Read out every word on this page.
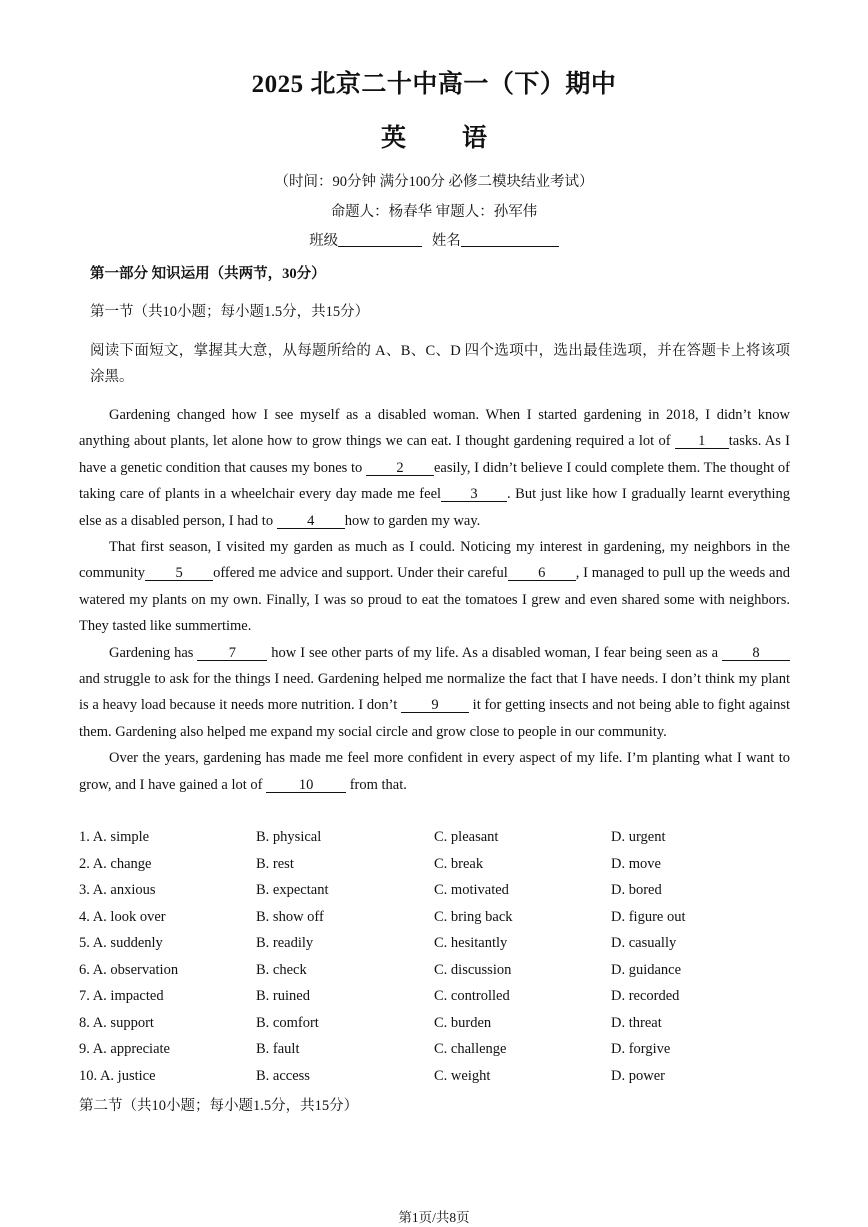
2025 北京二十中高一（下）期中
英 语
（时间：90分钟 满分100分 必修二模块结业考试）
命题人：杨春华 审题人：孙军伟
班级	姓名
第一部分 知识运用（共两节，30分）
第一节（共10小题；每小题1.5分，共15分）
阅读下面短文，掌握其大意，从每题所给的 A、B、C、D 四个选项中，选出最佳选项，并在答题卡上将该项涂黑。

Gardening changed how I see myself as a disabled woman. When I started gardening in 2018, I didn’t know anything about plants, let alone how to grow things we can eat. I thought gardening required a lot of 1 tasks. As I have a genetic condition that causes my bones to 2 easily, I didn’t believe I could complete them. The thought of taking care of plants in a wheelchair every day made me feel 3 . But just like how I gradually learnt everything else as a disabled person, I had to 4 how to garden my way.

That first season, I visited my garden as much as I could. Noticing my interest in gardening, my neighbors in the community 5 offered me advice and support. Under their careful 6 , I managed to pull up the weeds and watered my plants on my own. Finally, I was so proud to eat the tomatoes I grew and even shared some with neighbors. They tasted like summertime.

Gardening has 7 how I see other parts of my life. As a disabled woman, I fear being seen as a 8 and struggle to ask for the things I need. Gardening helped me normalize the fact that I have needs. I don’t think my plant is a heavy load because it needs more nutrition. I don’t 9 it for getting insects and not being able to fight against them. Gardening also helped me expand my social circle and grow close to people in our community.

Over the years, gardening has made me feel more confident in every aspect of my life. I’m planting what I want to grow, and I have gained a lot of 10 from that.

1. A. simple	B. physical	C. pleasant	D. urgent
2. A. change	B. rest	C. break	D. move
3. A. anxious	B. expectant	C. motivated	D. bored
4. A. look over	B. show off	C. bring back	D. figure out
5. A. suddenly	B. readily	C. hesitantly	D. casually
6. A. observation	B. check	C. discussion	D. guidance
7. A. impacted	B. ruined	C. controlled	D. recorded
8. A. support	B. comfort	C. burden	D. threat
9. A. appreciate	B. fault	C. challenge	D. forgive
10. A. justice	B. access	C. weight	D. power
第二节（共10小题；每小题1.5分，共15分）
第1页/共8页
